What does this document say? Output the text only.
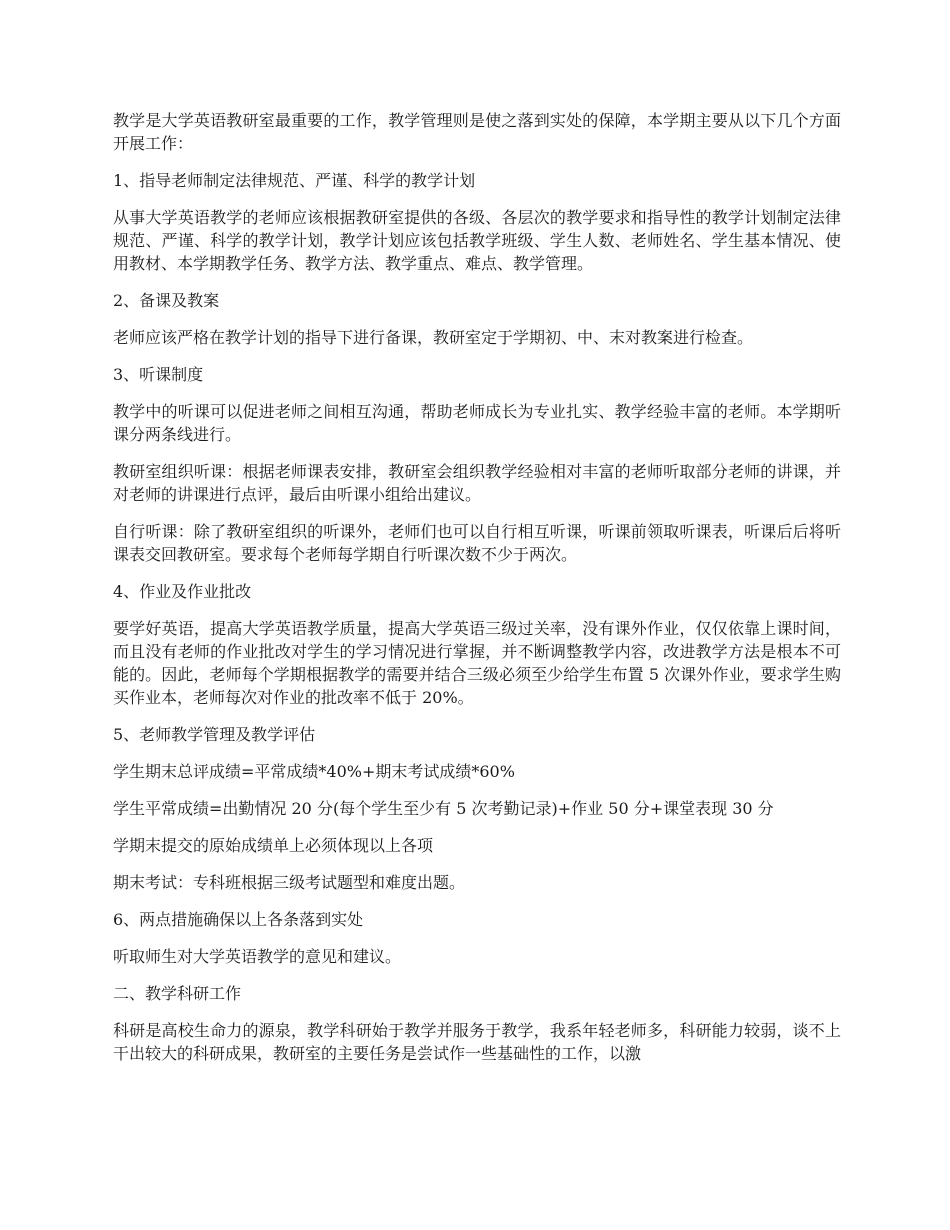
教学是大学英语教研室最重要的工作，教学管理则是使之落到实处的保障，本学期主要从以下几个方面开展工作：

1、指导老师制定法律规范、严谨、科学的教学计划

从事大学英语教学的老师应该根据教研室提供的各级、各层次的教学要求和指导性的教学计划制定法律规范、严谨、科学的教学计划，教学计划应该包括教学班级、学生人数、老师姓名、学生基本情况、使用教材、本学期教学任务、教学方法、教学重点、难点、教学管理。

2、备课及教案

老师应该严格在教学计划的指导下进行备课，教研室定于学期初、中、末对教案进行检查。

3、听课制度

教学中的听课可以促进老师之间相互沟通，帮助老师成长为专业扎实、教学经验丰富的老师。本学期听课分两条线进行。

教研室组织听课：根据老师课表安排，教研室会组织教学经验相对丰富的老师听取部分老师的讲课，并对老师的讲课进行点评，最后由听课小组给出建议。

自行听课：除了教研室组织的听课外，老师们也可以自行相互听课，听课前领取听课表，听课后后将听课表交回教研室。要求每个老师每学期自行听课次数不少于两次。

4、作业及作业批改

要学好英语，提高大学英语教学质量，提高大学英语三级过关率，没有课外作业，仅仅依靠上课时间，而且没有老师的作业批改对学生的学习情况进行掌握，并不断调整教学内容，改进教学方法是根本不可能的。因此，老师每个学期根据教学的需要并结合三级必须至少给学生布置 5 次课外作业，要求学生购买作业本，老师每次对作业的批改率不低于 20%。

5、老师教学管理及教学评估

学生期末总评成绩=平常成绩*40%+期末考试成绩*60%

学生平常成绩=出勤情况 20 分(每个学生至少有 5 次考勤记录)+作业 50 分+课堂表现 30 分

学期末提交的原始成绩单上必须体现以上各项

期末考试：专科班根据三级考试题型和难度出题。

6、两点措施确保以上各条落到实处

听取师生对大学英语教学的意见和建议。

二、教学科研工作

科研是高校生命力的源泉，教学科研始于教学并服务于教学，我系年轻老师多，科研能力较弱，谈不上干出较大的科研成果，教研室的主要任务是尝试作一些基础性的工作，以激
